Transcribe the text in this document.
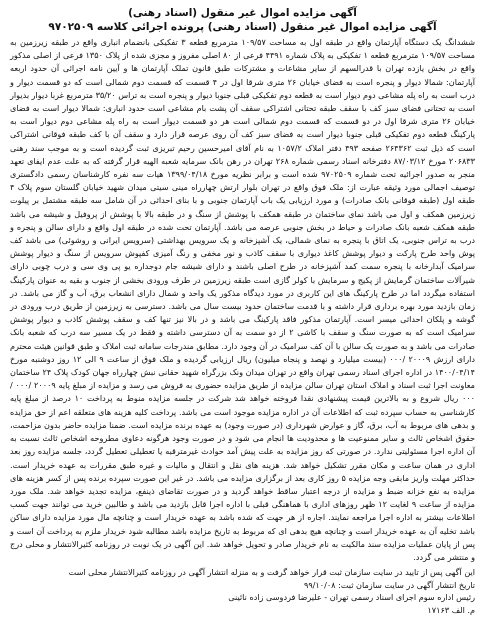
آگهی مزایده اموال غیر منقول (اسناد رهنی)

آگهی مزایده اموال غیر منقول (اسناد رهنی) پرونده اجرائی کلاسه ۹۷۰۲۵۰۹

ششدانگ یک دستگاه آپارتمان واقع در طبقه اول به مساحت ۱۰۹/۵۷ مترمربع قطعه ۳ تفکیکی بانضمام انباری واقع در طبقه زیرزمین به مساحت ۱۰۹/۵۷ مترمربع قطعه ۱ تفکیکی به پلاک شماره ۴۴۹۱ فرعی از ۸۰ اصلی مفروز و مجزی شده از پلاک ۱۳۵۰ فرعی از اصلی مذکور واقع در بخش یازده تهران با قدرالسهم از سایر مشاعات و مشترکات طبق قانون تملک آپارتمان ها و آیین نامه اجرائی آن حدود اربعه آپارتمان: شمالا دیوار و پنجره است به فضای خیابان ۲۶ متری شرقا اول در ۴ قسمت که قسمت دوم شمالی است که دو قسمت دیوار و درب است به راه پله مشاعی دوم دیوار است به قطعه دوم تفکیکی قبلی جنوبا دیوار و پنجره است به تراس ۳۵/۲۰ مترمربع غربا دیوار بدیوار است به تحتانی فضای سبز کف با سقف طبقه تحتانی اشتراکی سقف آن پشت بام مشاعی است حدود انباری: شمالا دیوار است به فضای خیابان ۲۶ متری شرقا اول در دو قسمت که قسمت دوم شمالی است هر دو قسمت دیوار است به راه پله مشاعی دوم دیوار است به پارکینگ قطعه دوم تفکیکی قبلی جنوبا دیوار است به فضای سبز کف آن روی عرصه قرار دارد و سقف آن با کف طبقه فوقانی اشتراکی است که ذیل ثبت ۲۶۴۳۶۲ صفحه ۴۹۳ دفتر املاک ۱۰۵۷/۲ به نام آقای امیرحسین رحیم تبریزی ثبت گردیده است و به موجب سند رهنی ۲۰۶۸۳۳ مورخ ۸۷/۰۳/۱۲ دفترخانه اسناد رسمی شماره ۲۶۸ تهران در رهن بانک سرمایه شعبه الهیه قرار گرفته که به علت عدم ایفای تعهد منجر به صدور اجرائیه تحت شماره ۹۷۰۲۵۰۹ شده است و برابر نظریه مورخ ۱۳۹۹/۰۴/۱۸ هیات سه نفره کارشناسان رسمی دادگستری توصیف اجمالی مورد وثیقه عبارت از: ملک فوق واقع در تهران بلوار ارتش چهارراه مینی سیتی میدان شهید خیابان گلستان سوم پلاک ۴ طبقه اول (طبقه فوقانی بانک صادرات) و مورد ارزیابی یک باب آپارتمان جنوبی و با بنای احداثی در آن شامل سه طبقه مشتمل بر پیلوت زیرزمین همکف و اول می باشد نمای ساختمان در طبقه همکف با پوشش از سنگ و در طبقه بالا با پوشش از پروفیل و شیشه می باشد طبقه همکف شعبه بانک صادرات و حیاط در بخش جنوبی عرصه می باشد. آپارتمان تحت شده در طبقه اول واقع و دارای سالن و پنجره و درب به تراس جنوبی، یک اتاق با پنجره به نمای شمالی، یک آشپزخانه و یک سرویس بهداشتی (سرویس ایرانی و روشوئی) می باشد کف پوش واحد طرح پارکت و دیوار پوشش کاغذ دیواری با سقف کاذب و نور مخفی و رنگ آمیزی کفپوش سرویس از سنگ و دیوار پوشش سرامیک آبدارخانه با پنجره سمت کمد آشپزخانه در طرح اصلی باشند و دارای شیشه جام دوجداره یو پی وی سی و درب چوبی دارای شیرآلات ساختمان گرمایش از پکیج و سرمایش با کولر گازی است طبقه زیرزمین در طرف ورودی بخشی از جنوب و بقیه به عنوان پارکینگ استفاده میگردد اما در طرح پارکینگ های این کاربری در مورد دیدگاه مذکور یک واحد و شمال دارای انشعاب برق، آب و گاز می باشد. در زمان بازدید مورد بهره برداری قرار داشته و با قدمت ساختمان حدود بیست سال می باشد. دسترسی به زیرزمین از طریق درب ورودی در گوشه و پلکان احداثی میسر است. آپارتمان مذکور فاقد پارکینگ می باشد و در بالا نیز تنها کف و سقف پوشش کاذب و دیوار پوشش سرامیک است که به صورت سنگ و سقف با کاشی ۲ از دو سمت به آن دسترسی داشته و فقط در یک مسیر سه درب که شعبه بانک صادرات می باشد و به صورت یک سالن با آن کف سرامیک در آن وجود دارد. مطابق مندرجات سامانه ثبت املاک و طبق قوانین هیئت محترم دارای ارزش ۲۰۰۰۹ /۰۰۰ (بیست میلیارد و نهصد و پنجاه میلیون) ریال ارزیابی گردیده و ملک فوق از ساعت ۹ الی ۱۲ روز دوشنبه مورخ ۱۴۰۰/۰۴/۱۴ در اداره اجرای اسناد رسمی تهران واقع در تهران میدان ونک بزرگراه شهید حقانی نبش چهارراه جهان کودک پلاک ۲۴ ساختمان معاونت اجرا ثبت اسناد و املاک استان تهران سالن مزایده از طریق مزایده حضوری به فروش می رسد و مزایده از مبلغ پایه ۲۰۰۰۹ /۰۰۰ /۰۰۰ ریال شروع و به بالاترین قیمت پیشنهادی نقدا فروخته خواهد شد شرکت در جلسه مزایده منوط به پرداخت ۱۰ درصد از مبلغ پایه کارشناسی به حساب سپرده ثبت که اطلاعات آن در اداره مزایده موجود است می باشد. پرداخت کلیه هزینه های متعلقه اعم از حق مزایده و بدهی های مربوط به آب، برق، گاز و عوارض شهرداری (در صورت وجود) به عهده برنده مزایده است. ضمنا مزایده حاضر بدون مزاحمت، حقوق اشخاص ثالث و سایر ممنوعیت ها و محدودیت ها انجام می شود و در صورت وجود هرگونه دعاوی مطروحه اشخاص ثالث نسبت به آن اداره اجرا مسئولیتی ندارد. در صورتی که روز مزایده به علت پیش آمد حوادث غیرمترقبه یا تعطیلی تعطیل گردد، جلسه مزایده روز بعد اداری در همان ساعت و مکان مقرر تشکیل خواهد شد. هزینه های نقل و انتقال و مالیات و غیره طبق مقررات به عهده خریدار است. حداکثر مهلت واریز مابقی وجه مزایده ۵ روز کاری بعد از برگزاری مزایده می باشد. در غیر این صورت سپرده برنده پس از کسر هزینه های مزایده به نفع خزانه ضبط و مزایده از درجه اعتبار ساقط خواهد گردید و در صورت تقاضای ذینفع، مزایده تجدید خواهد شد. ملک مورد مزایده از ساعت ۹ لغایت ۱۲ ظهر روزهای اداری با هماهنگی قبلی با اداره اجرا قابل بازدید می باشد و طالبین خرید می توانند جهت کسب اطلاعات بیشتر به اداره اجرا مراجعه نمایند. اجاره از هر جهت که شده باشد به عهده خریدار است و چنانچه مال مورد مزایده دارای ساکن باشد تخلیه آن به عهده خریدار است و چنانچه هیچ بدهی ای که مربوط به تاریخ مزایده باشد مطالبه شود خریدار ملزم به پرداخت آن است و پس از پایان عملیات مزایده سند مالکیت به نام خریدار صادر و تحویل خواهد شد. این آگهی در یک نوبت در روزنامه کثیرالانتشار و محلی درج و منتشر می گردد.

این آگهی پس از تایید در سایت سازمان ثبت قرار خواهد گرفت و به منزله انتشار آگهی در روزنامه کثیرالانتشار محلی است
تاریخ انتشار آگهی در سایت سازمان ثبت: ۹۹/۱۰/۰۸
رئیس اداره سوم اجرای اسناد رسمی تهران - علیرضا فردوسی زاده نائینی
م. الف ۱۷۱۶۳
